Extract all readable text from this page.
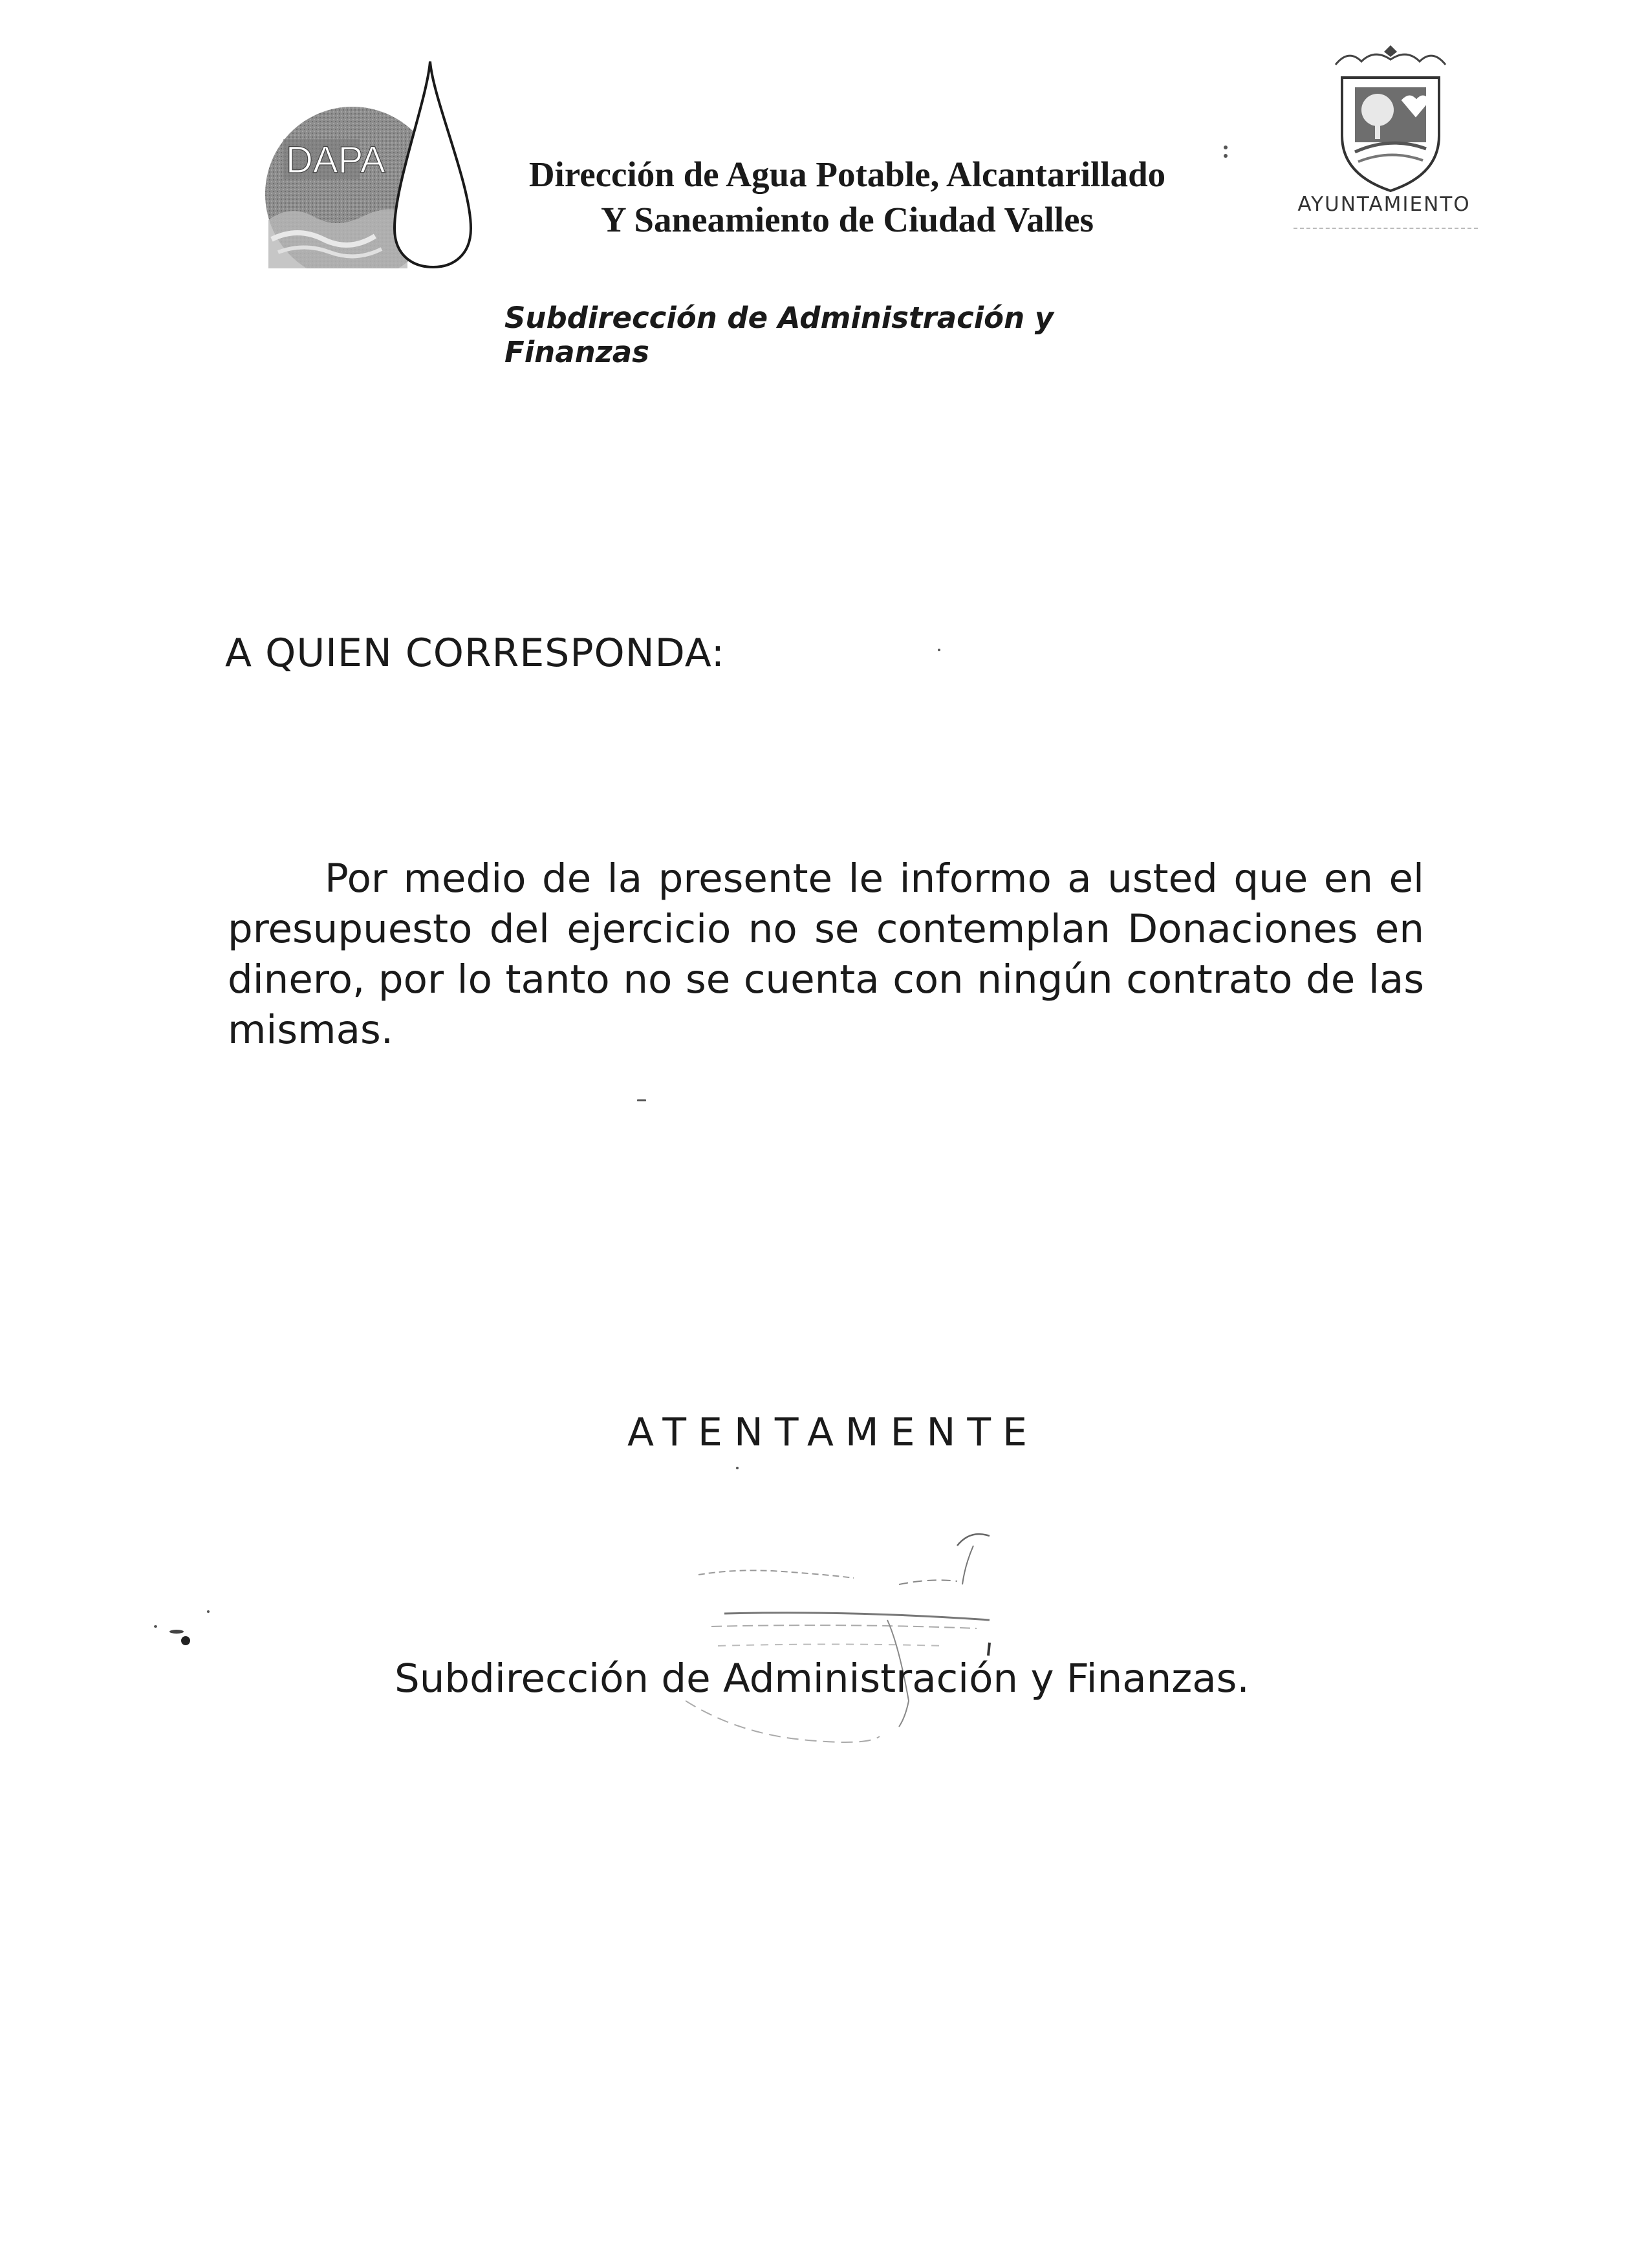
DAPA	Dirección de Agua Potable, Alcantarillado
Y Saneamiento de Ciudad Valles	AYUNTAMIENTO
Subdirección de Administración y Finanzas
A QUIEN CORRESPONDA:
Por medio de la presente le informo a usted que en el presupuesto del ejercicio no se contemplan Donaciones en dinero, por lo tanto no se cuenta con ningún contrato de las mismas.
ATENTAMENTE
Subdirección de Administración y Finanzas.
